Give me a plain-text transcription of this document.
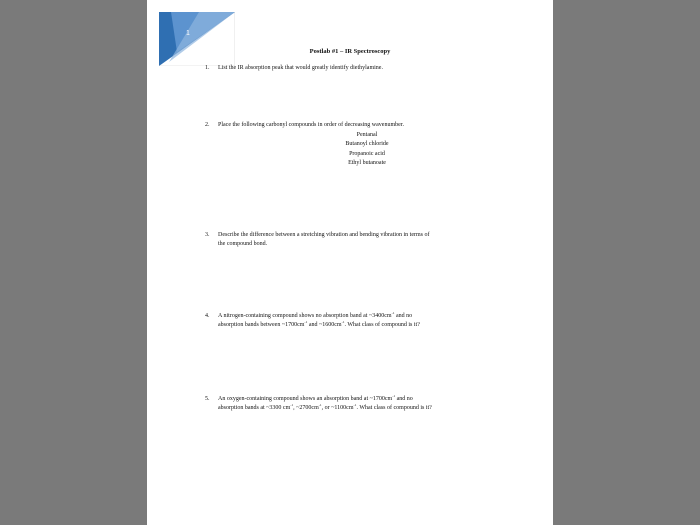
1
Postlab #1 – IR Spectroscopy
1. List the IR absorption peak that would greatly identify diethylamine.
2. Place the following carbonyl compounds in order of decreasing wavenumber.
Pentanal
Butanoyl chloride
Propanoic acid
Ethyl butanoate
3. Describe the difference between a stretching vibration and bending vibration in terms of
the compound bond.
4. A nitrogen-containing compound shows no absorption band at $\sim 3400cm^{-1}$ and no
absorption bands between $\sim 1700cm^{-1}$ and $\sim 1600cm^{-1}$. What class of compound is it?
5. An oxygen-containing compound shows an absorption band at $\sim 1700cm^{-1}$ and no
absorption bands at ~3300 $cm^{-1}$, $\sim 2700cm^{-1}$, or $\sim 1100cm^{-1}$. What class of compound is it?
